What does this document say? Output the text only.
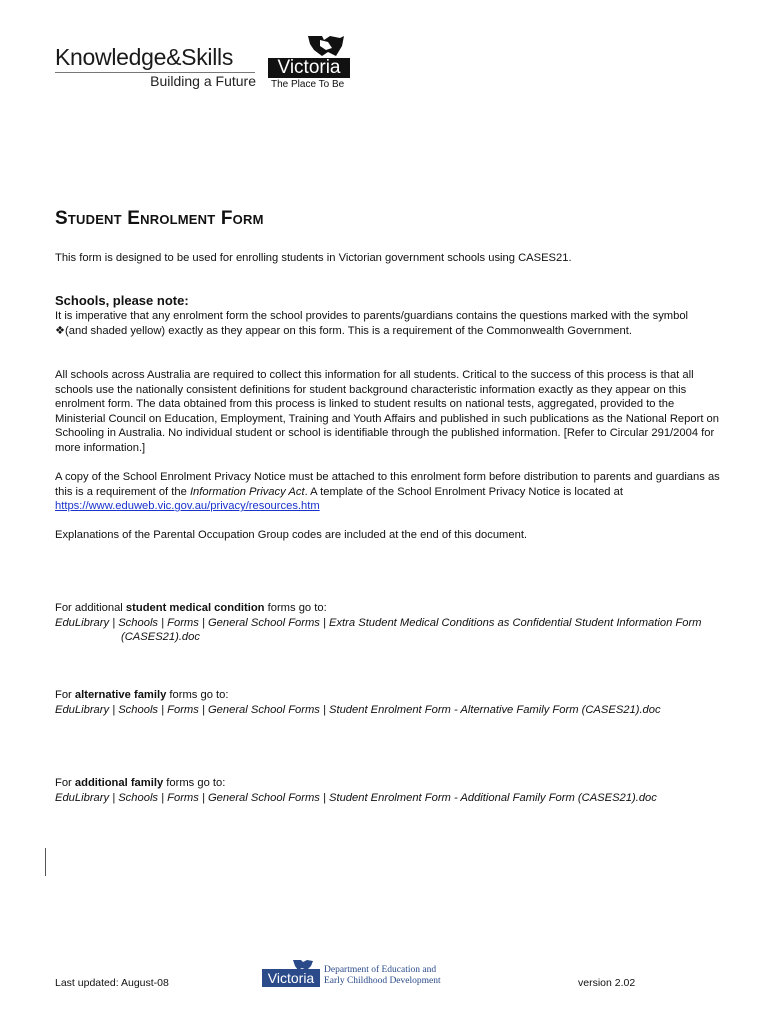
Knowledge&Skills
Building a Future
Victoria
The Place To Be
Student Enrolment Form
This form is designed to be used for enrolling students in Victorian government schools using CASES21.
Schools, please note:
It is imperative that any enrolment form the school provides to parents/guardians contains the questions marked with the symbol ❖(and shaded yellow) exactly as they appear on this form. This is a requirement of the Commonwealth Government.
All schools across Australia are required to collect this information for all students. Critical to the success of this process is that all schools use the nationally consistent definitions for student background characteristic information exactly as they appear on this enrolment form. The data obtained from this process is linked to student results on national tests, aggregated, provided to the Ministerial Council on Education, Employment, Training and Youth Affairs and published in such publications as the National Report on Schooling in Australia. No individual student or school is identifiable through the published information. [Refer to Circular 291/2004 for more information.]
A copy of the School Enrolment Privacy Notice must be attached to this enrolment form before distribution to parents and guardians as this is a requirement of the Information Privacy Act. A template of the School Enrolment Privacy Notice is located at https://www.eduweb.vic.gov.au/privacy/resources.htm
Explanations of the Parental Occupation Group codes are included at the end of this document.
For additional student medical condition forms go to:
EduLibrary | Schools | Forms | General School Forms | Extra Student Medical Conditions as Confidential Student Information Form (CASES21).doc
For alternative family forms go to:
EduLibrary | Schools | Forms | General School Forms | Student Enrolment Form - Alternative Family Form (CASES21).doc
For additional family forms go to:
EduLibrary | Schools | Forms | General School Forms | Student Enrolment Form - Additional Family Form (CASES21).doc
Last updated: August-08	Victoria	Department of Education and
Early Childhood Development	version 2.02
